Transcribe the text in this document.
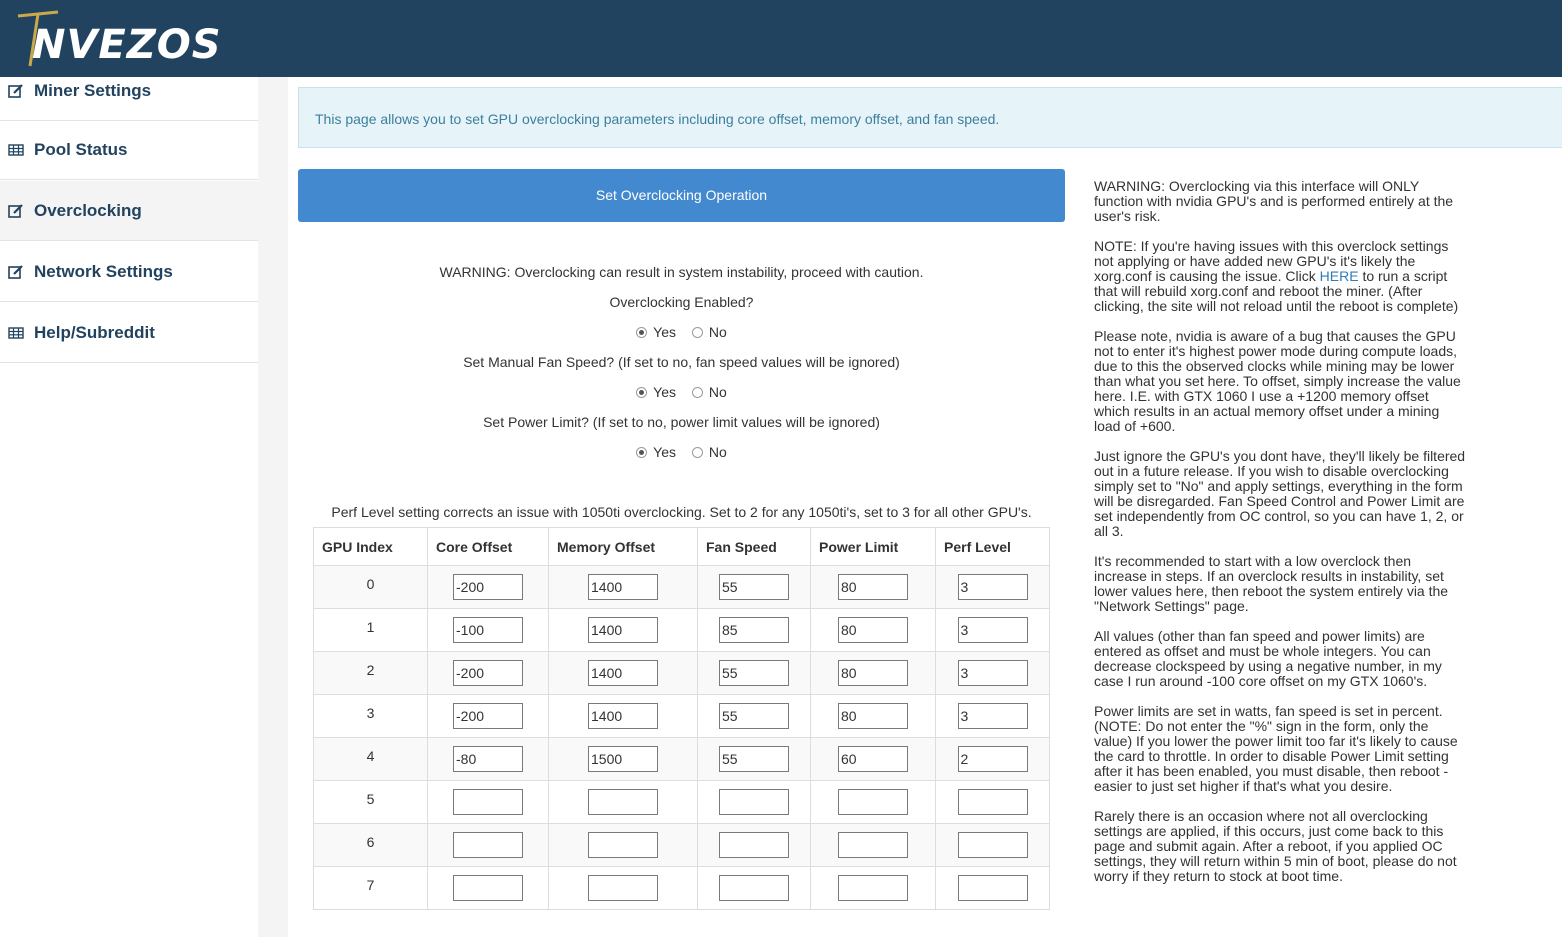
NVEZOS
Miner Settings
Pool Status
Overclocking
Network Settings
Help/Subreddit
This page allows you to set GPU overclocking parameters including core offset, memory offset, and fan speed.
Set Overclocking Operation
WARNING: Overclocking can result in system instability, proceed with caution.
Overclocking Enabled?
Yes
No
Set Manual Fan Speed? (If set to no, fan speed values will be ignored)
Yes
No
Set Power Limit? (If set to no, power limit values will be ignored)
Yes
No
Perf Level setting corrects an issue with 1050ti overclocking. Set to 2 for any 1050ti's, set to 3 for all other GPU's.
GPU Index	Core Offset	Memory Offset	Fan Speed	Power Limit	Perf Level
0	-200	1400	55	80	3
1	-100	1400	85	80	3
2	-200	1400	55	80	3
3	-200	1400	55	80	3
4	-80	1500	55	60	2
5					
6					
7					

WARNING: Overclocking via this interface will ONLY function with nvidia GPU's and is performed entirely at the user's risk.

NOTE: If you're having issues with this overclock settings not applying or have added new GPU's it's likely the xorg.conf is causing the issue. Click HERE to run a script that will rebuild xorg.conf and reboot the miner. (After clicking, the site will not reload until the reboot is complete)

Please note, nvidia is aware of a bug that causes the GPU not to enter it's highest power mode during compute loads, due to this the observed clocks while mining may be lower than what you set here. To offset, simply increase the value here. I.E. with GTX 1060 I use a +1200 memory offset which results in an actual memory offset under a mining load of +600.

Just ignore the GPU's you dont have, they'll likely be filtered out in a future release. If you wish to disable overclocking simply set to "No" and apply settings, everything in the form will be disregarded. Fan Speed Control and Power Limit are set independently from OC control, so you can have 1, 2, or all 3.

It's recommended to start with a low overclock then increase in steps. If an overclock results in instability, set lower values here, then reboot the system entirely via the "Network Settings" page.

All values (other than fan speed and power limits) are entered as offset and must be whole integers. You can decrease clockspeed by using a negative number, in my case I run around -100 core offset on my GTX 1060's.

Power limits are set in watts, fan speed is set in percent. (NOTE: Do not enter the "%" sign in the form, only the value) If you lower the power limit too far it's likely to cause the card to throttle. In order to disable Power Limit setting after it has been enabled, you must disable, then reboot - easier to just set higher if that's what you desire.

Rarely there is an occasion where not all overclocking settings are applied, if this occurs, just come back to this page and submit again. After a reboot, if you applied OC settings, they will return within 5 min of boot, please do not worry if they return to stock at boot time.
